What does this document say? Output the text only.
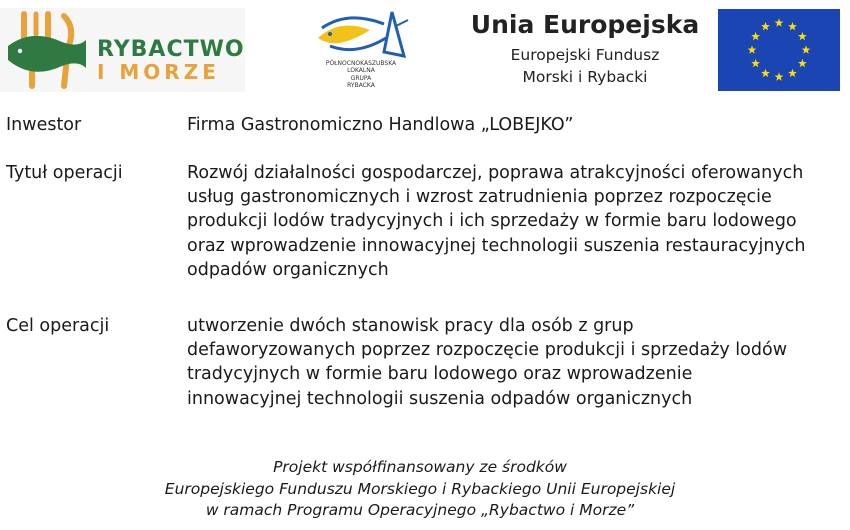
RYBACTWO
I MORZE	PÓŁNOCNOKASZUBSKA
LOKALNA
GRUPA
RYBACKA
Unia Europejska
Europejski Fundusz
Morski i Rybacki
Inwestor	Firma Gastronomiczno Handlowa „LOBEJKO”
Tytuł operacji	Rozwój działalności gospodarczej, poprawa atrakcyjności oferowanych
usług gastronomicznych i wzrost zatrudnienia poprzez rozpoczęcie
produkcji lodów tradycyjnych i ich sprzedaży w formie baru lodowego
oraz wprowadzenie innowacyjnej technologii suszenia restauracyjnych
odpadów organicznych
Cel operacji	utworzenie dwóch stanowisk pracy dla osób z grup
defaworyzowanych poprzez rozpoczęcie produkcji i sprzedaży lodów
tradycyjnych w formie baru lodowego oraz wprowadzenie
innowacyjnej technologii suszenia odpadów organicznych
Projekt współfinansowany ze środków
Europejskiego Funduszu Morskiego i Rybackiego Unii Europejskiej
w ramach Programu Operacyjnego „Rybactwo i Morze”
